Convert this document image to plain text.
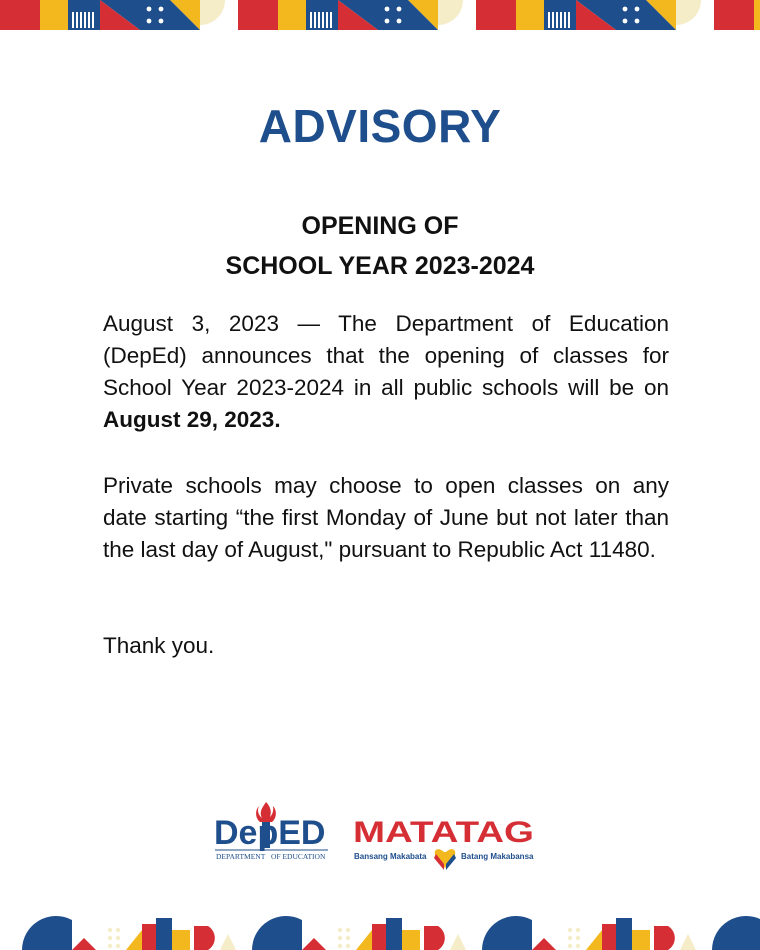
ADVISORY
OPENING OF
SCHOOL YEAR 2023-2024

August 3, 2023 — The Department of Education (DepEd) announces that the opening of classes for School Year 2023-2024 in all public schools will be on August 29, 2023.

Private schools may choose to open classes on any date starting “the first Monday of June but not later than the last day of August," pursuant to Republic Act 11480.

Thank you.

DepED
DEPARTMENT OF EDUCATION
MATATAG
Bansang Makabata	Batang Makabansa
